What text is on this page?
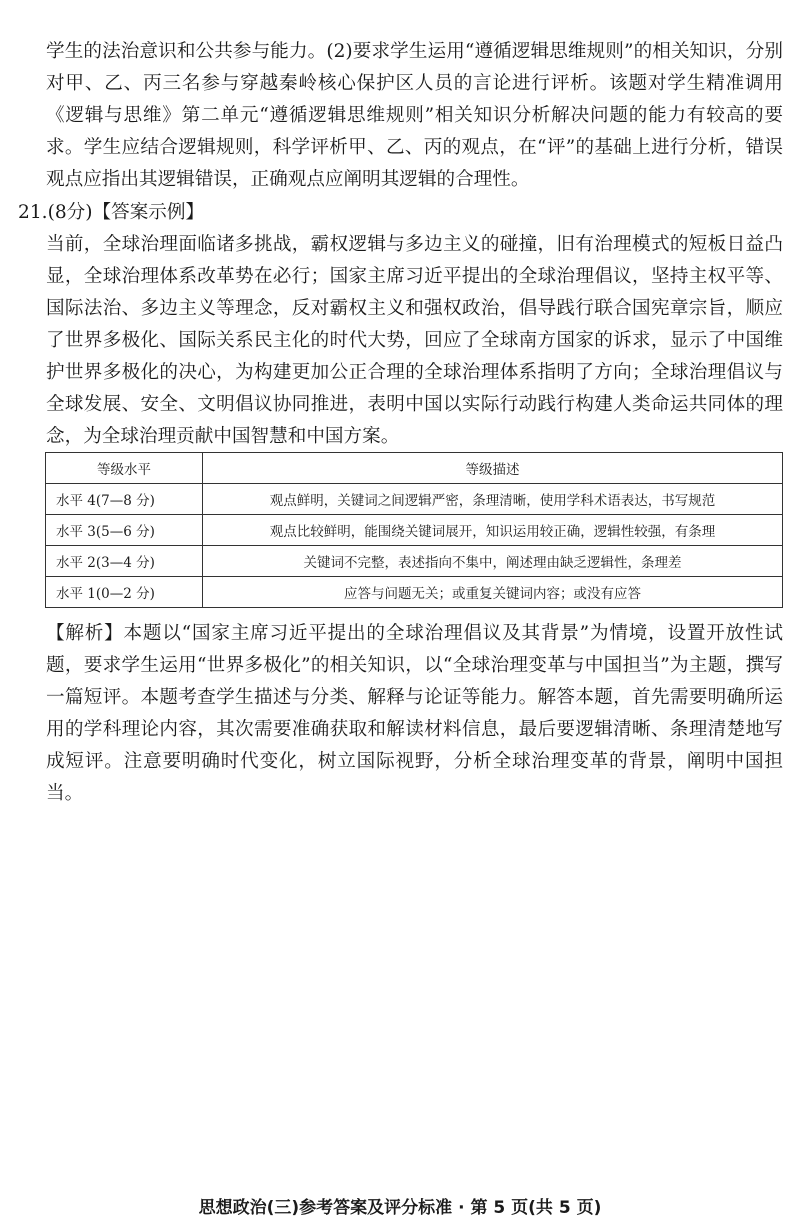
学生的法治意识和公共参与能力。(2)要求学生运用“遵循逻辑思维规则”的相关知识，分别对甲、乙、丙三名参与穿越秦岭核心保护区人员的言论进行评析。该题对学生精准调用《逻辑与思维》第二单元“遵循逻辑思维规则”相关知识分析解决问题的能力有较高的要求。学生应结合逻辑规则，科学评析甲、乙、丙的观点，在“评”的基础上进行分析，错误观点应指出其逻辑错误，正确观点应阐明其逻辑的合理性。

21.(8分)【答案示例】

当前，全球治理面临诸多挑战，霸权逻辑与多边主义的碰撞，旧有治理模式的短板日益凸显，全球治理体系改革势在必行；国家主席习近平提出的全球治理倡议，坚持主权平等、国际法治、多边主义等理念，反对霸权主义和强权政治，倡导践行联合国宪章宗旨，顺应了世界多极化、国际关系民主化的时代大势，回应了全球南方国家的诉求，显示了中国维护世界多极化的决心，为构建更加公正合理的全球治理体系指明了方向；全球治理倡议与全球发展、安全、文明倡议协同推进，表明中国以实际行动践行构建人类命运共同体的理念，为全球治理贡献中国智慧和中国方案。

等级水平	等级描述
水平 4(7—8 分)	观点鲜明，关键词之间逻辑严密，条理清晰，使用学科术语表达，书写规范
水平 3(5—6 分)	观点比较鲜明，能围绕关键词展开，知识运用较正确，逻辑性较强，有条理
水平 2(3—4 分)	关键词不完整，表述指向不集中，阐述理由缺乏逻辑性，条理差
水平 1(0—2 分)	应答与问题无关；或重复关键词内容；或没有应答

【解析】本题以“国家主席习近平提出的全球治理倡议及其背景”为情境，设置开放性试题，要求学生运用“世界多极化”的相关知识，以“全球治理变革与中国担当”为主题，撰写一篇短评。本题考查学生描述与分类、解释与论证等能力。解答本题，首先需要明确所运用的学科理论内容，其次需要准确获取和解读材料信息，最后要逻辑清晰、条理清楚地写成短评。注意要明确时代变化，树立国际视野，分析全球治理变革的背景，阐明中国担当。

思想政治(三)参考答案及评分标准 · 第 5 页(共 5 页)
